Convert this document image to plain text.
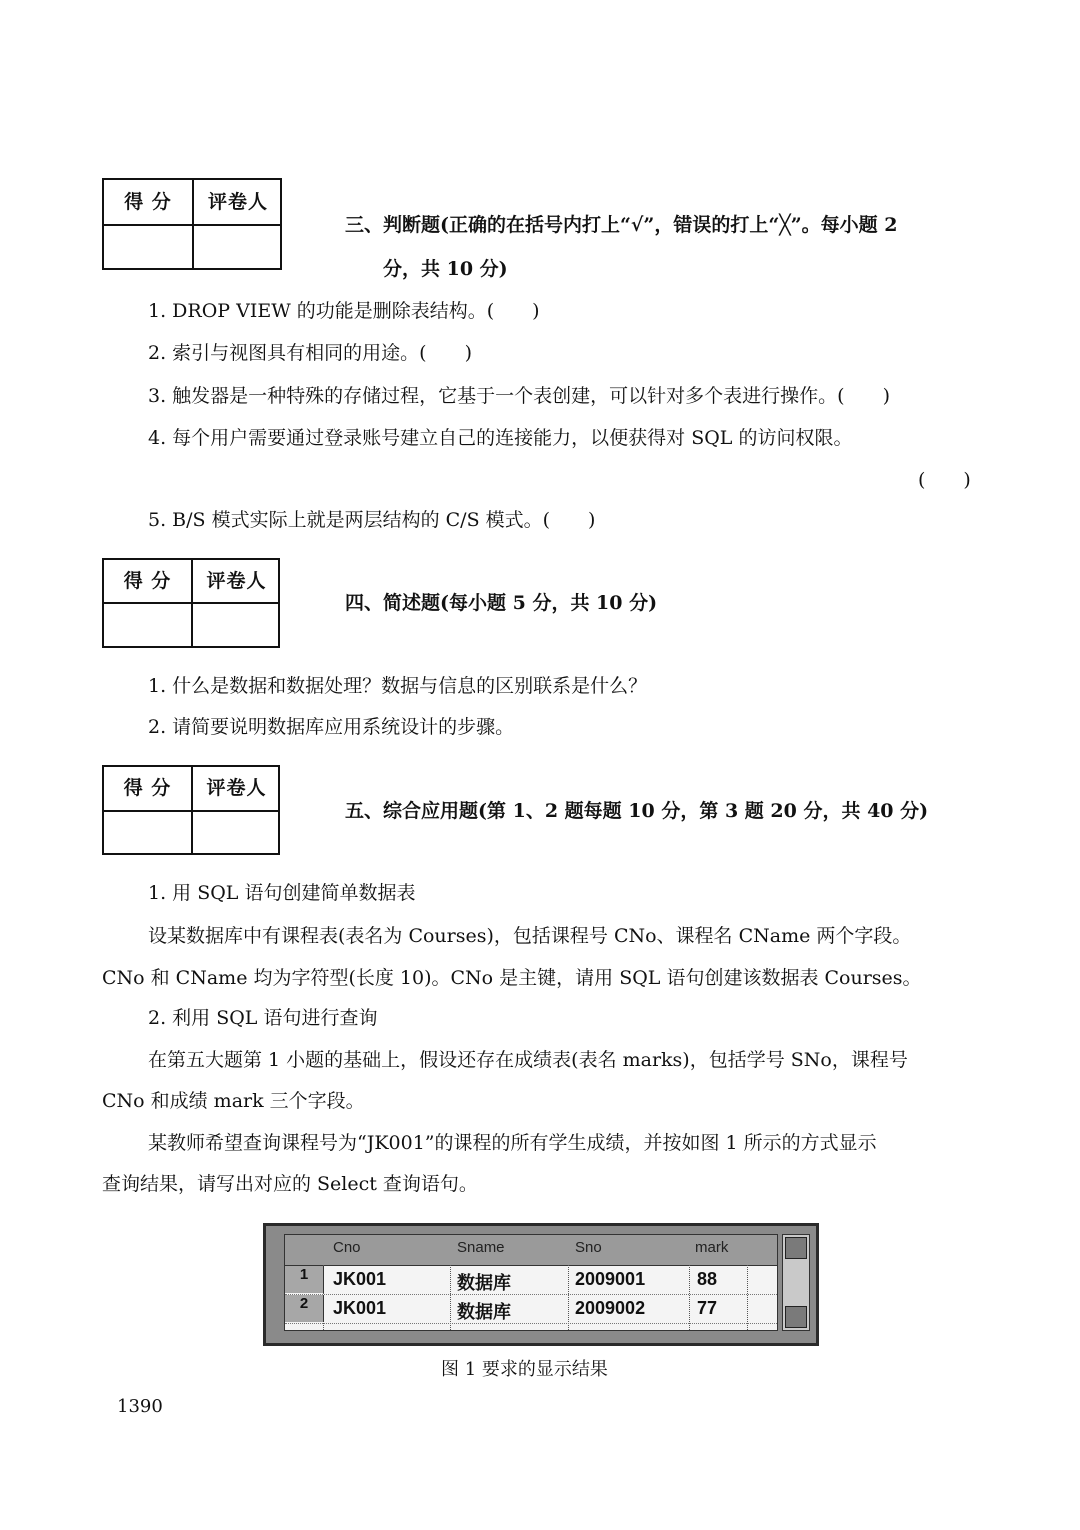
得 分	评卷人
三、判断题(正确的在括号内打上“√”，错误的打上“╳”。每小题 2
分，共 10 分)
1. DROP VIEW 的功能是删除表结构。(　　)
2. 索引与视图具有相同的用途。(　　)
3. 触发器是一种特殊的存储过程，它基于一个表创建，可以针对多个表进行操作。(　　)
4. 每个用户需要通过登录账号建立自己的连接能力，以便获得对 SQL 的访问权限。
(　　)
5. B/S 模式实际上就是两层结构的 C/S 模式。(　　)
得 分	评卷人
四、简述题(每小题 5 分，共 10 分)
1. 什么是数据和数据处理？数据与信息的区别联系是什么？
2. 请简要说明数据库应用系统设计的步骤。
得 分	评卷人
五、综合应用题(第 1、2 题每题 10 分，第 3 题 20 分，共 40 分)
1. 用 SQL 语句创建简单数据表
设某数据库中有课程表(表名为 Courses)，包括课程号 CNo、课程名 CName 两个字段。
CNo 和 CName 均为字符型(长度 10)。CNo 是主键，请用 SQL 语句创建该数据表 Courses。
2. 利用 SQL 语句进行查询
在第五大题第 1 小题的基础上，假设还存在成绩表(表名 marks)，包括学号 SNo，课程号
CNo 和成绩 mark 三个字段。
某教师希望查询课程号为“JK001”的课程的所有学生成绩，并按如图 1 所示的方式显示
查询结果，请写出对应的 Select 查询语句。
Cno	Sname	Sno	mark
1	JK001	数据库	2009001	88
2	JK001	数据库	2009002	77
图 1 要求的显示结果
1390
